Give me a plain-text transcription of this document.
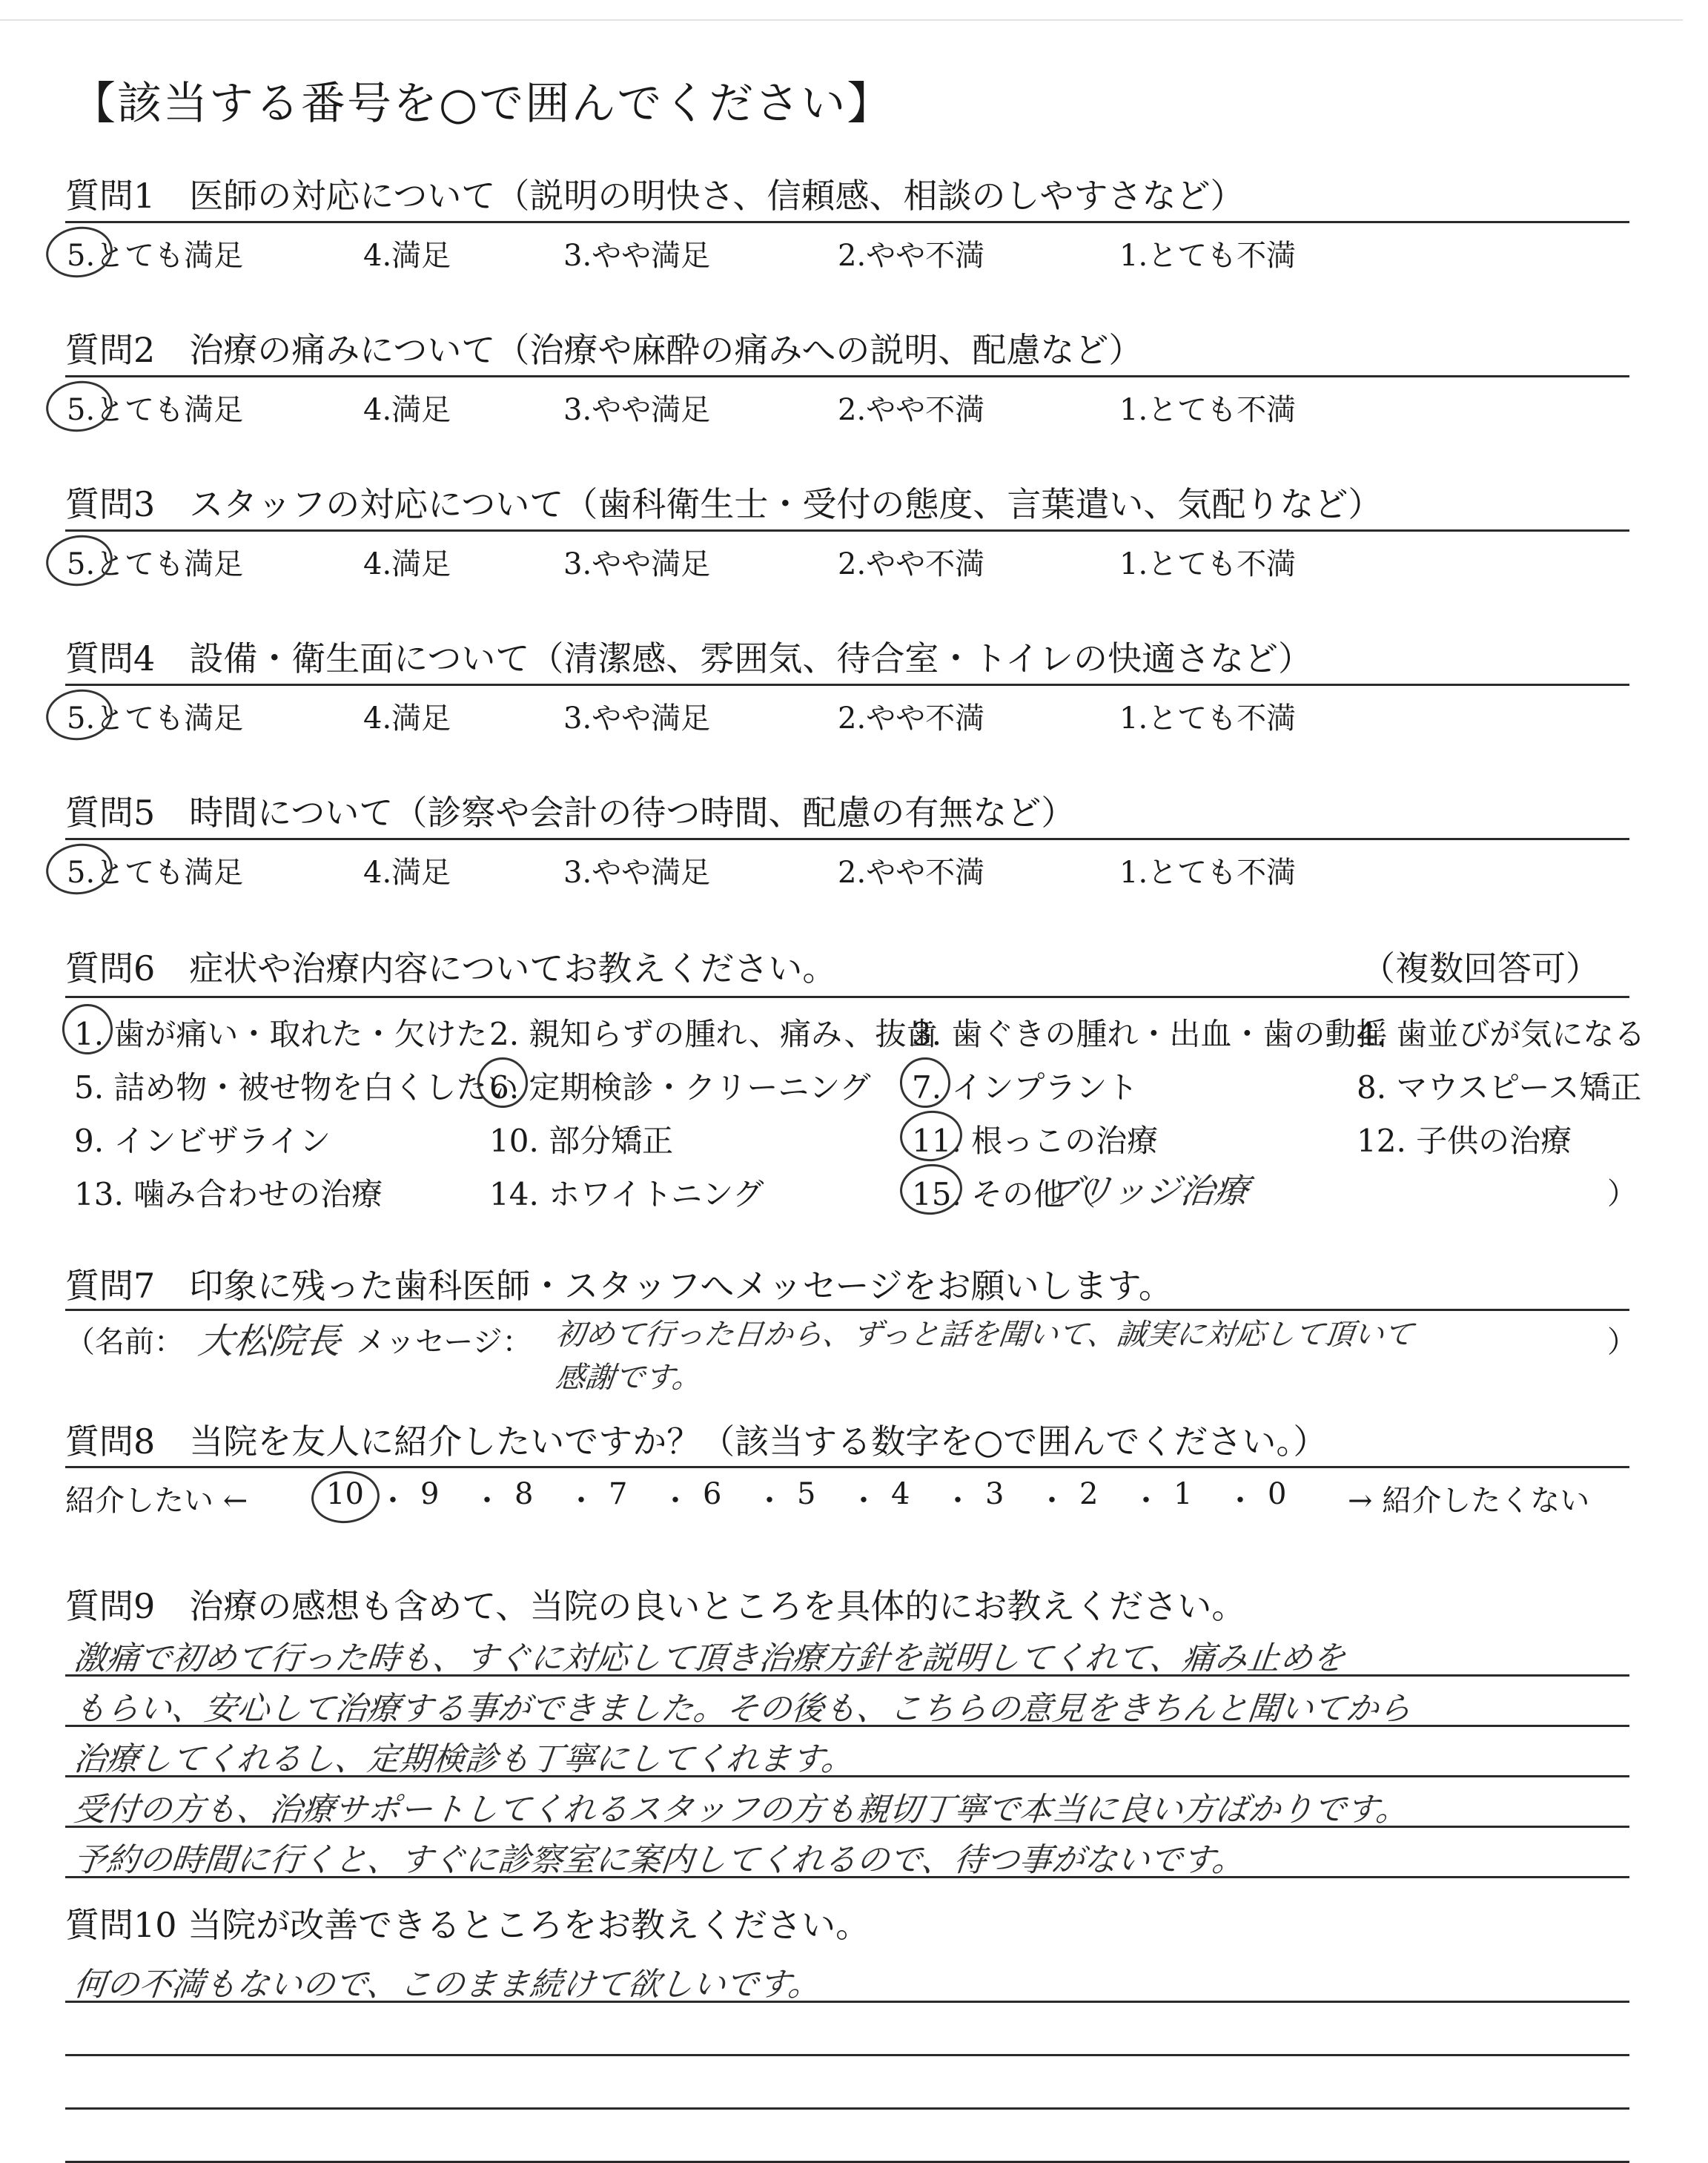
【該当する番号を○で囲んでください】
質問1　医師の対応について（説明の明快さ、信頼感、相談のしやすさなど）
5.とても満足	4.満足	3.やや満足	2.やや不満	1.とても不満
質問2　治療の痛みについて（治療や麻酔の痛みへの説明、配慮など）
5.とても満足	4.満足	3.やや満足	2.やや不満	1.とても不満
質問3　スタッフの対応について（歯科衛生士・受付の態度、言葉遣い、気配りなど）
5.とても満足	4.満足	3.やや満足	2.やや不満	1.とても不満
質問4　設備・衛生面について（清潔感、雰囲気、待合室・トイレの快適さなど）
5.とても満足	4.満足	3.やや満足	2.やや不満	1.とても不満
質問5　時間について（診察や会計の待つ時間、配慮の有無など）
5.とても満足	4.満足	3.やや満足	2.やや不満	1.とても不満
質問6　症状や治療内容についてお教えください。	（複数回答可）
1. 歯が痛い・取れた・欠けた 2. 親知らずの腫れ、痛み、抜歯
3. 歯ぐきの腫れ・出血・歯の動揺
4. 歯並びが気になる
5. 詰め物・被せ物を白くしたい
6. 定期検診・クリーニング 7. インプラント	8. マウスピース矯正
9. インビザライン	10. 部分矯正	11. 根っこの治療	12. 子供の治療
13. 噛み合わせの治療	14. ホワイトニング	15. その他（
ブリッジ治療	）
質問7　印象に残った歯科医師・スタッフへメッセージをお願いします。
（名前： 大松院長 メッセージ： 初めて行った日から、ずっと話を聞いて、誠実に対応して頂いて
感謝です。
）
質問8　当院を友人に紹介したいですか？（該当する数字を○で囲んでください。）
紹介したい ←	10 ・ 9 ・ 8 ・ 7 ・ 6 ・ 5 ・ 4 ・ 3 ・ 2 ・ 1 ・ 0 → 紹介したくない
質問9　治療の感想も含めて、当院の良いところを具体的にお教えください。
激痛で初めて行った時も、すぐに対応して頂き治療方針を説明してくれて、痛み止めを
もらい、安心して治療する事ができました。その後も、こちらの意見をきちんと聞いてから
治療してくれるし、定期検診も丁寧にしてくれます。
受付の方も、治療サポートしてくれるスタッフの方も親切丁寧で本当に良い方ばかりです。
予約の時間に行くと、すぐに診察室に案内してくれるので、待つ事がないです。
質問10 当院が改善できるところをお教えください。
何の不満もないので、このまま続けて欲しいです。
